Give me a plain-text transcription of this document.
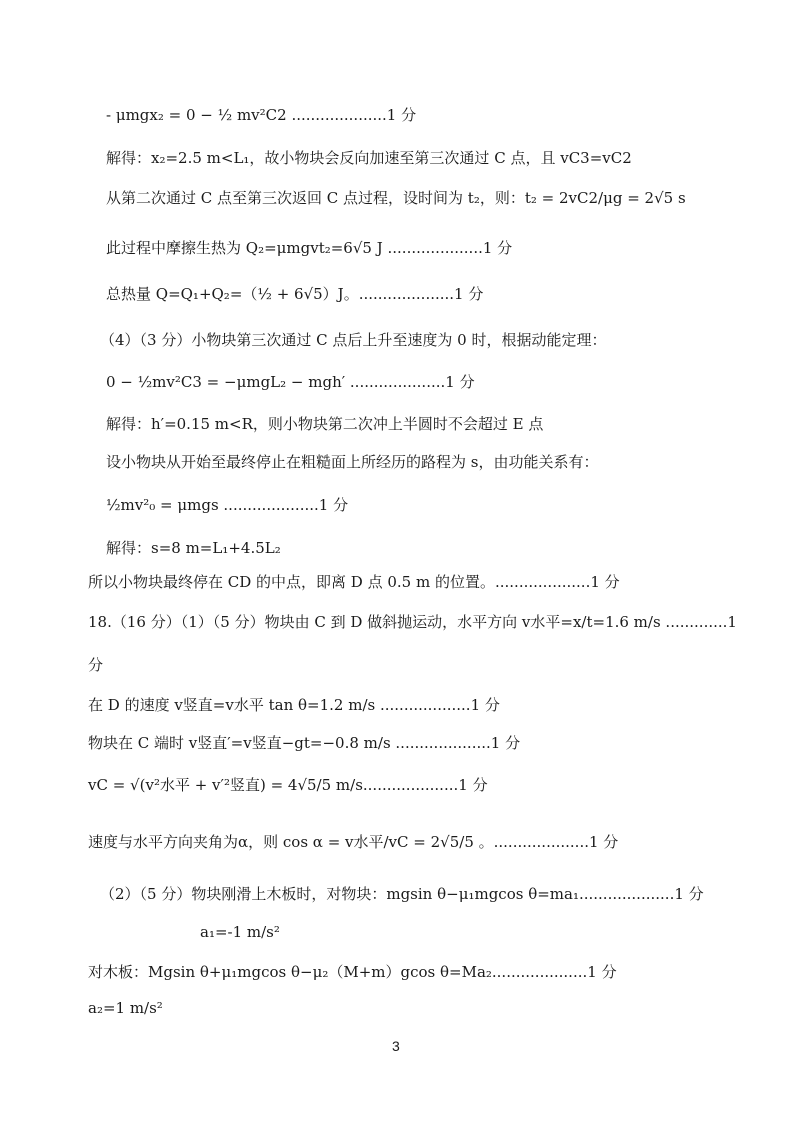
- μmgx₂ = 0 − ½ mv²C2 ....................1 分
解得：x₂=2.5 m<L₁，故小物块会反向加速至第三次通过 C 点，且 vC3=vC2
从第二次通过 C 点至第三次返回 C 点过程，设时间为 t₂，则：t₂ = 2vC2/μg = 2√5 s
此过程中摩擦生热为 Q₂=μmgvt₂=6√5 J ....................1 分
总热量 Q=Q₁+Q₂=（½ + 6√5）J。....................1 分
（4）（3 分）小物块第三次通过 C 点后上升至速度为 0 时，根据动能定理：
0 − ½mv²C3 = −μmgL₂ − mgh′ ....................1 分
解得：h′=0.15 m<R，则小物块第二次冲上半圆时不会超过 E 点
设小物块从开始至最终停止在粗糙面上所经历的路程为 s，由功能关系有：
½mv²₀ = μmgs ....................1 分
解得：s=8 m=L₁+4.5L₂
所以小物块最终停在 CD 的中点，即离 D 点 0.5 m 的位置。....................1 分
18.（16 分）（1）（5 分）物块由 C 到 D 做斜抛运动，水平方向 v水平=x/t=1.6 m/s .............1
分
在 D 的速度 v竖直=v水平 tan θ=1.2 m/s ...................1 分
物块在 C 端时 v竖直′=v竖直−gt=−0.8 m/s ....................1 分
vC = √(v²水平 + v′²竖直) = 4√5/5 m/s....................1 分
速度与水平方向夹角为α，则 cos α = v水平/vC = 2√5/5 。....................1 分
（2）（5 分）物块刚滑上木板时，对物块：mgsin θ−μ₁mgcos θ=ma₁....................1 分
a₁=-1 m/s²
对木板：Mgsin θ+μ₁mgcos θ−μ₂（M+m）gcos θ=Ma₂....................1 分
a₂=1 m/s²
3
